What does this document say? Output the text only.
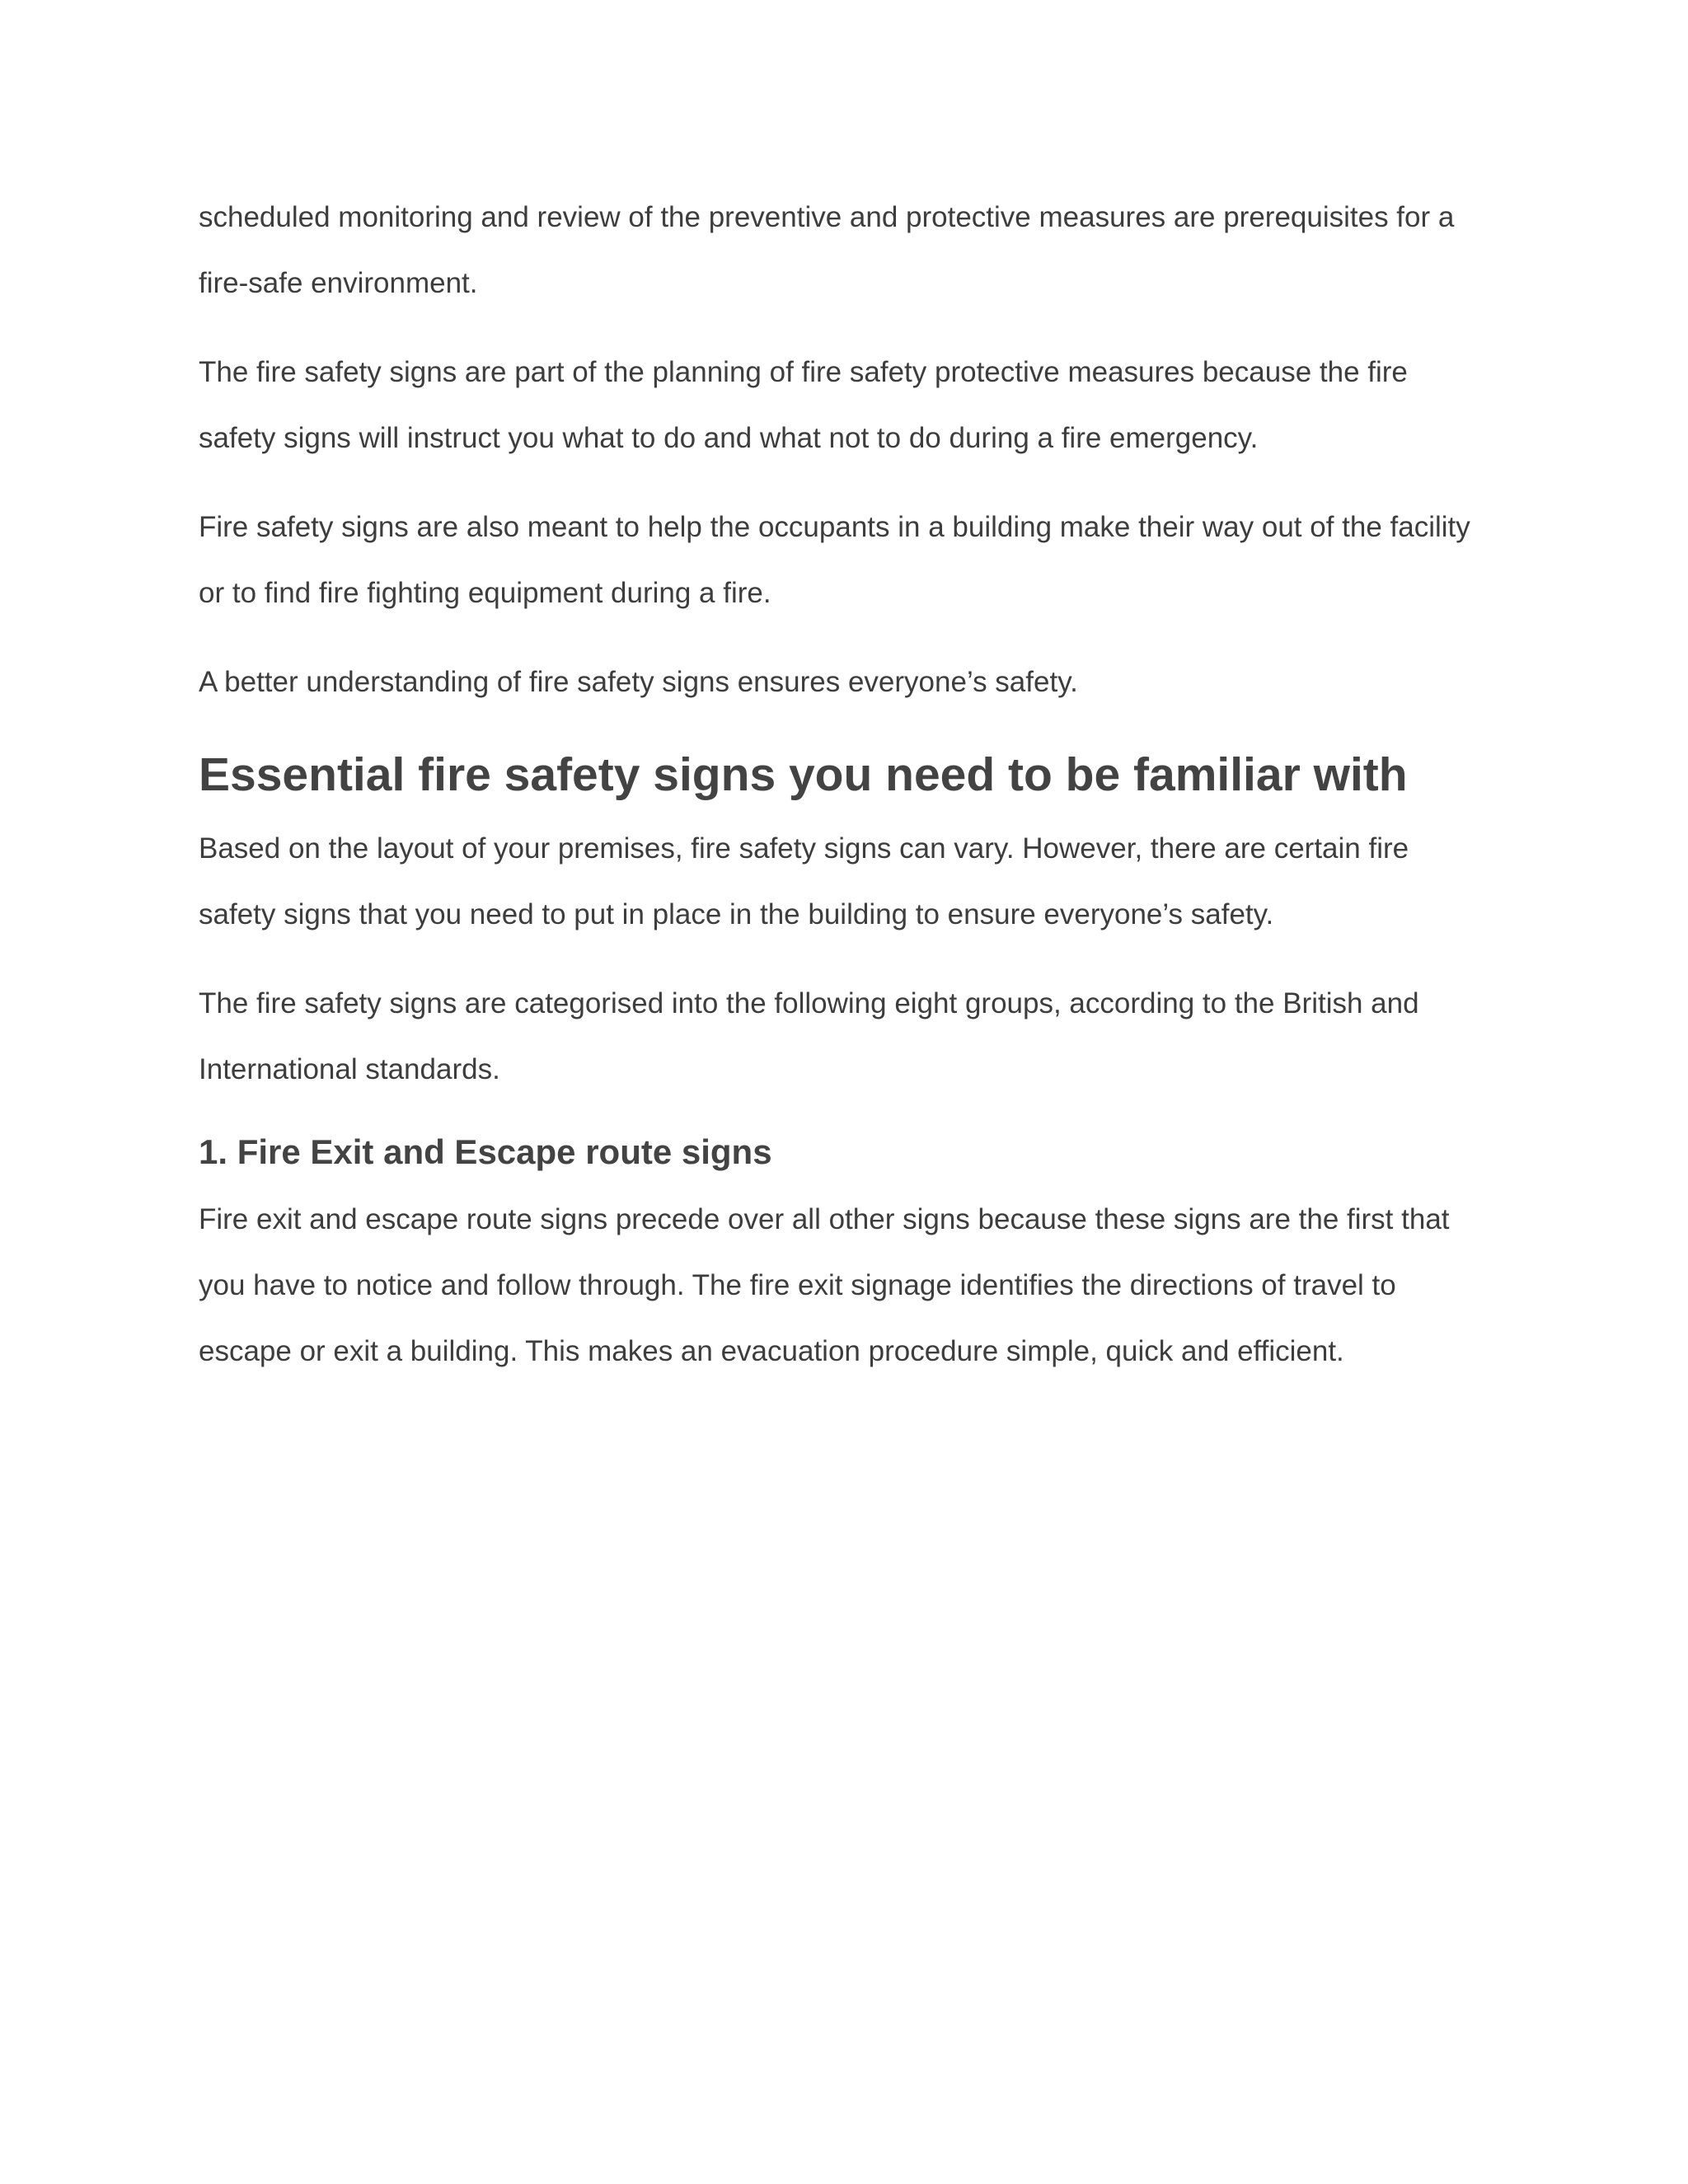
scheduled monitoring and review of the preventive and protective measures are prerequisites for a
fire-safe environment.

The fire safety signs are part of the planning of fire safety protective measures because the fire
safety signs will instruct you what to do and what not to do during a fire emergency.

Fire safety signs are also meant to help the occupants in a building make their way out of the facility
or to find fire fighting equipment during a fire.

A better understanding of fire safety signs ensures everyone’s safety.

Essential fire safety signs you need to be familiar with

Based on the layout of your premises, fire safety signs can vary. However, there are certain fire
safety signs that you need to put in place in the building to ensure everyone’s safety.

The fire safety signs are categorised into the following eight groups, according to the British and
International standards.

1. Fire Exit and Escape route signs

Fire exit and escape route signs precede over all other signs because these signs are the first that
you have to notice and follow through. The fire exit signage identifies the directions of travel to
escape or exit a building. This makes an evacuation procedure simple, quick and efficient.
